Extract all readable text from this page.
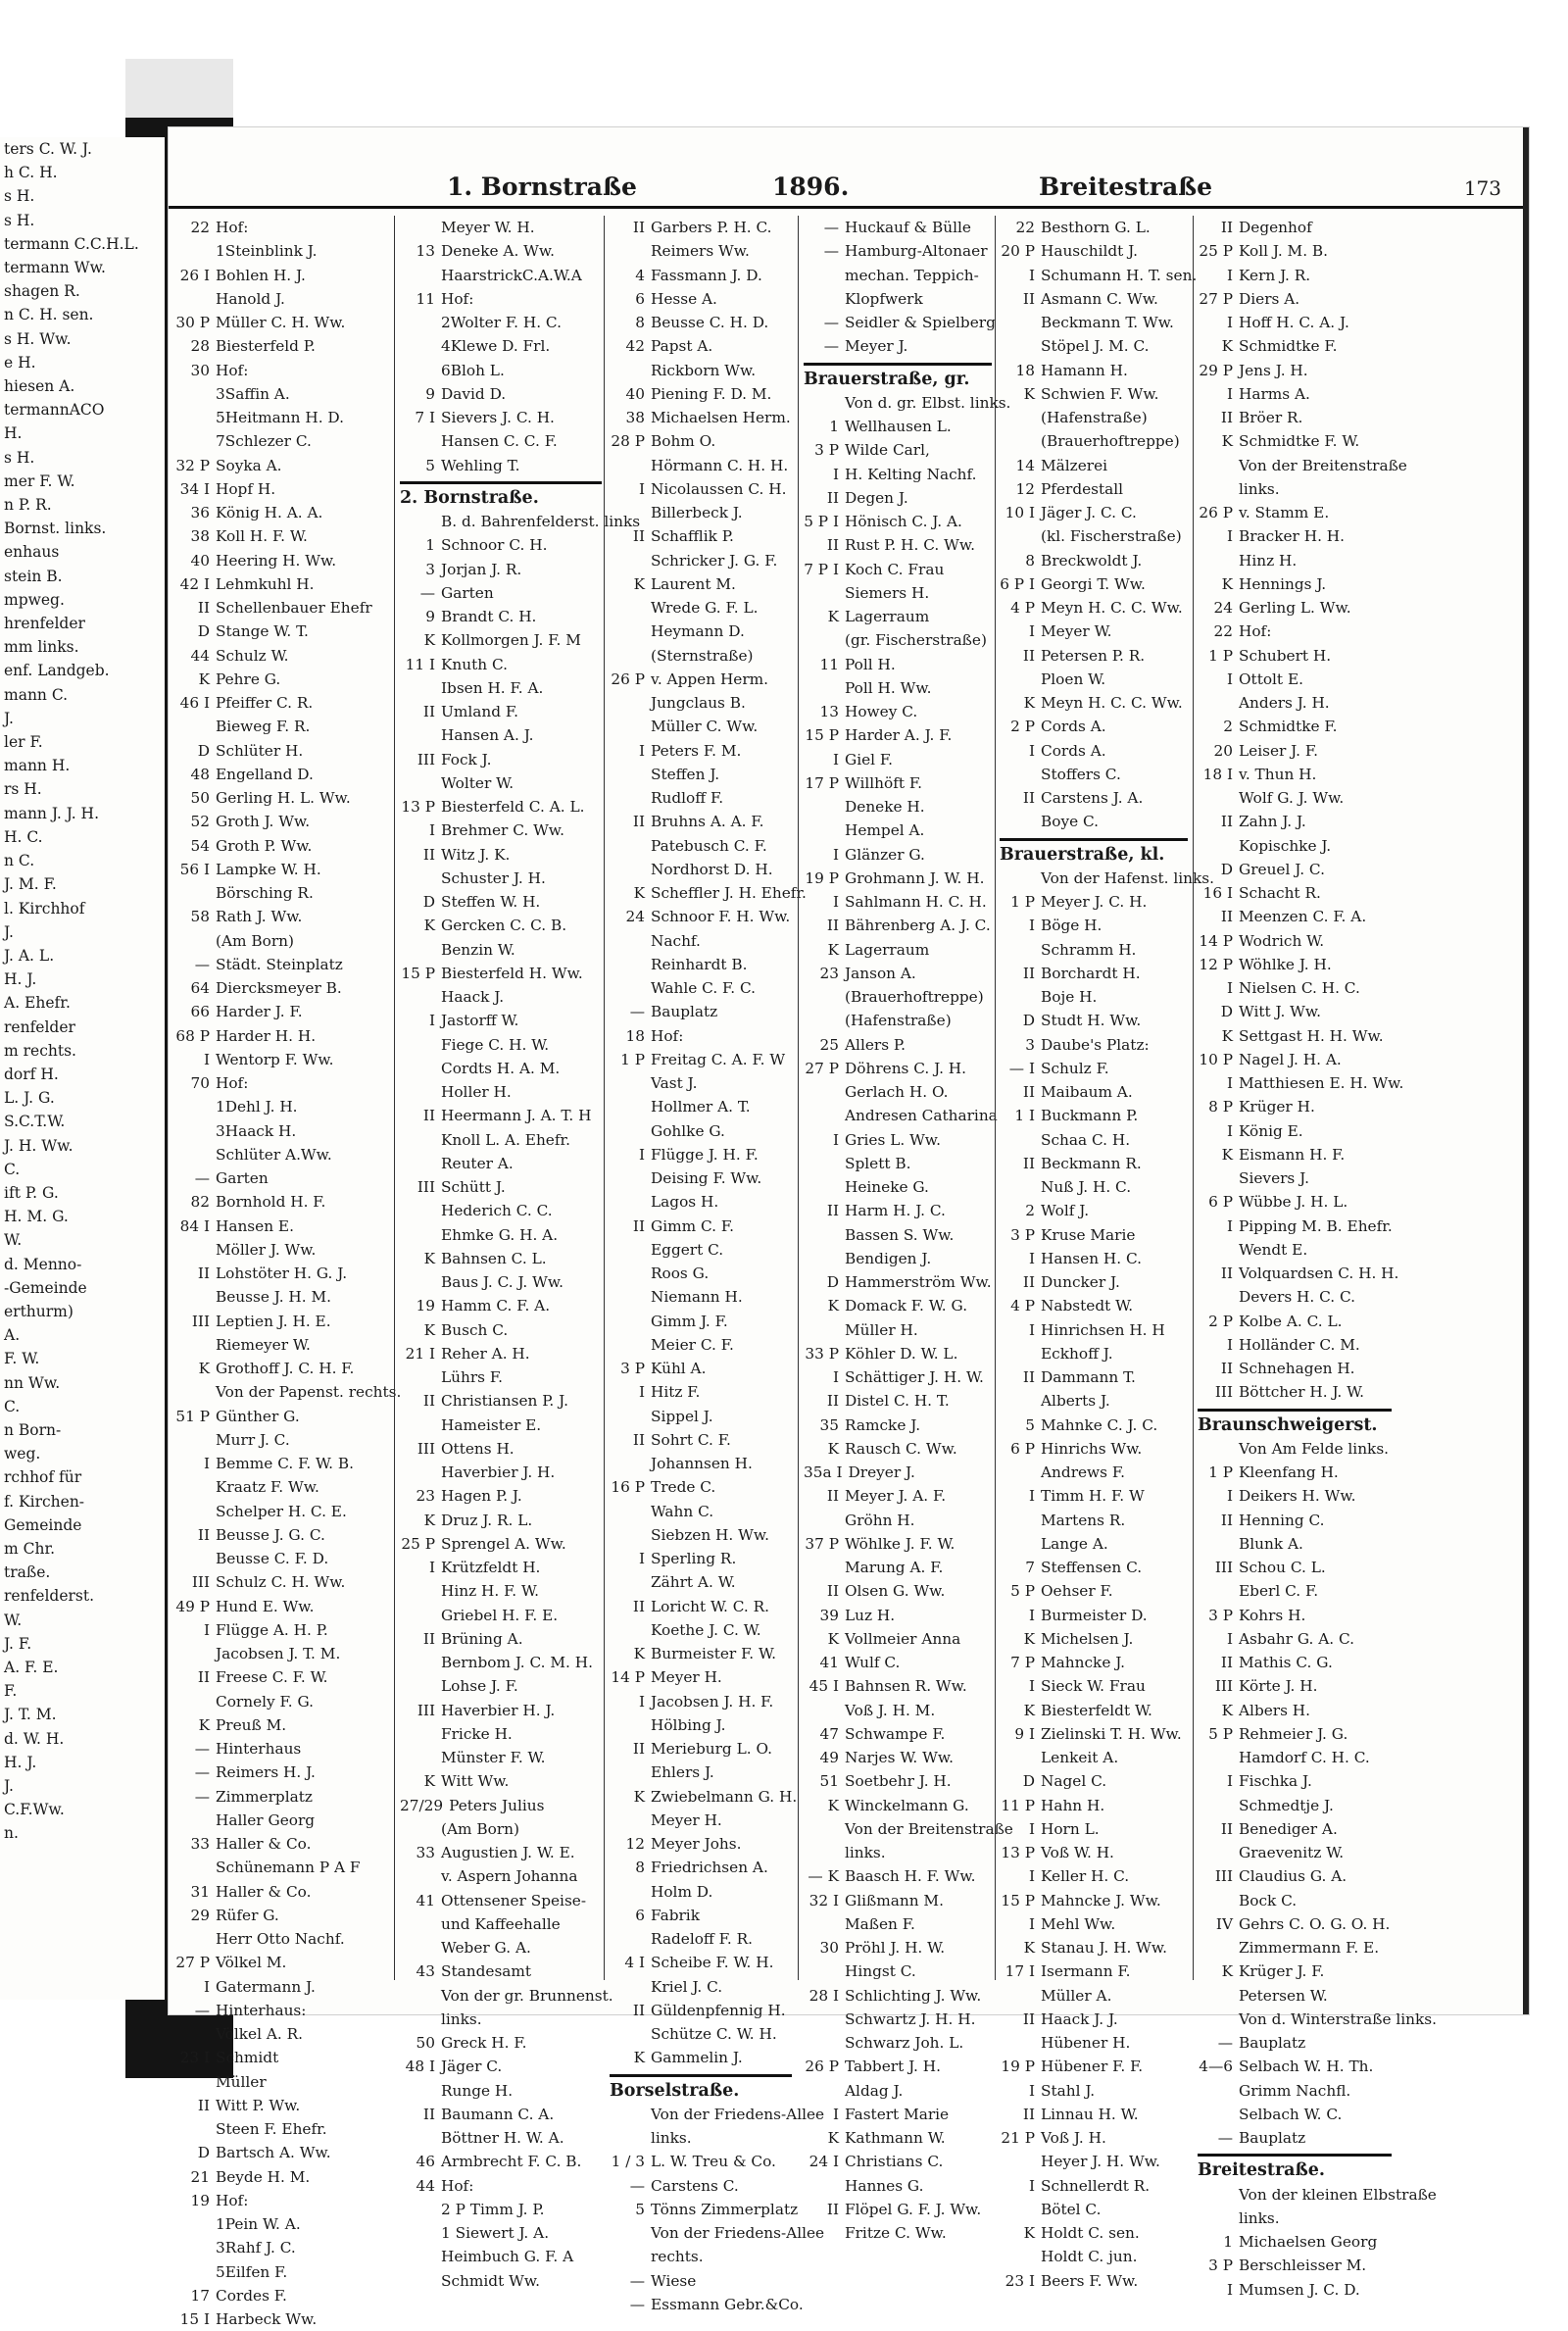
ters C. W. J.
h C. H.
s H.
s H.
termann C.C.H.L.
termann Ww.
shagen R.
n C. H. sen.
s H. Ww.
e H.
hiesen A.
termannACO
H.
s H.
mer F. W.
n P. R.
Bornst. links.
enhaus
stein B.
mpweg.
hrenfelder
mm links.
enf. Landgeb.
mann C.
J.
ler F.
mann H.
rs H.
mann J. J. H.
H. C.
n C.
J. M. F.
l. Kirchhof
J.
J. A. L.
H. J.
A. Ehefr.
renfelder
m rechts.
dorf H.
L. J. G.
S.C.T.W.
J. H. Ww.
C.
ift P. G.
H. M. G.
W.
d. Menno-
-Gemeinde
erthurm)
A.
F. W.
nn Ww.
C.
n Born-
weg.
rchhof für
f. Kirchen-
Gemeinde
m Chr.
traße.
renfelderst.
W.
J. F.
A. F. E.
F.
J. T. M.
d. W. H.
H. J.
J.
C.F.Ww.
n.
1. Bornstraße	1896.	Breitestraße	173
22 Hof:
1Steinblink J.
26 I Bohlen H. J.
Hanold J.
30 P Müller C. H. Ww.
28 Biesterfeld P.
30 Hof:
3Saffin A.
5Heitmann H. D.
7Schlezer C.
32 P Soyka A.
34 I Hopf H.
36 König H. A. A.
38 Koll H. F. W.
40 Heering H. Ww.
42 I Lehmkuhl H.
II Schellenbauer Ehefr
D Stange W. T.
44 Schulz W.
K Pehre G.
46 I Pfeiffer C. R.
Bieweg F. R.
D Schlüter H.
48 Engelland D.
50 Gerling H. L. Ww.
52 Groth J. Ww.
54 Groth P. Ww.
56 I Lampke W. H.
Börsching R.
58 Rath J. Ww.
(Am Born)
— Städt. Steinplatz
64 Diercksmeyer B.
66 Harder J. F.
68 P Harder H. H.
I Wentorp F. Ww.
70 Hof:
1Dehl J. H.
3Haack H.
Schlüter A.Ww.
— Garten
82 Bornhold H. F.
84 I Hansen E.
Möller J. Ww.
II Lohstöter H. G. J.
Beusse J. H. M.
III Leptien J. H. E.
Riemeyer W.
K Grothoff J. C. H. F.
Von der Papenst. rechts.
51 P Günther G.
Murr J. C.
I Bemme C. F. W. B.
Kraatz F. Ww.
Schelper H. C. E.
II Beusse J. G. C.
Beusse C. F. D.
III Schulz C. H. Ww.
49 P Hund E. Ww.
I Flügge A. H. P.
Jacobsen J. T. M.
II Freese C. F. W.
Cornely F. G.
K Preuß M.
— Hinterhaus
— Reimers H. J.
— Zimmerplatz
Haller Georg
33 Haller & Co.
Schünemann P A F
31 Haller & Co.
29 Rüfer G.
Herr Otto Nachf.
27 P Völkel M.
I Gatermann J.
— Hinterhaus:
Völkel A. R.
23 I Schmidt
Müller
II Witt P. Ww.
Steen F. Ehefr.
D Bartsch A. Ww.
21 Beyde H. M.
19 Hof:
1Pein W. A.
3Rahf J. C.
5Eilfen F.
17 Cordes F.
15 I Harbeck Ww.
Meyer W. H.
13 Deneke A. Ww.
HaarstrickC.A.W.A
11 Hof:
2Wolter F. H. C.
4Klewe D. Frl.
6Bloh L.
9 David D.
7 I Sievers J. C. H.
Hansen C. C. F.
5 Wehling T.
2. Bornstraße.
B. d. Bahrenfelderst. links
1 Schnoor C. H.
3 Jorjan J. R.
— Garten
9 Brandt C. H.
K Kollmorgen J. F. M
11 I Knuth C.
Ibsen H. F. A.
II Umland F.
Hansen A. J.
III Fock J.
Wolter W.
13 P Biesterfeld C. A. L.
I Brehmer C. Ww.
II Witz J. K.
Schuster J. H.
D Steffen W. H.
K Gercken C. C. B.
Benzin W.
15 P Biesterfeld H. Ww.
Haack J.
I Jastorff W.
Fiege C. H. W.
Cordts H. A. M.
Holler H.
II Heermann J. A. T. H
Knoll L. A. Ehefr.
Reuter A.
III Schütt J.
Hederich C. C.
Ehmke G. H. A.
K Bahnsen C. L.
Baus J. C. J. Ww.
19 Hamm C. F. A.
K Busch C.
21 I Reher A. H.
Lührs F.
II Christiansen P. J.
Hameister E.
III Ottens H.
Haverbier J. H.
23 Hagen P. J.
K Druz J. R. L.
25 P Sprengel A. Ww.
I Krützfeldt H.
Hinz H. F. W.
Griebel H. F. E.
II Brüning A.
Bernbom J. C. M. H.
Lohse J. F.
III Haverbier H. J.
Fricke H.
Münster F. W.
K Witt Ww.
27/29 Peters Julius
(Am Born)
33 Augustien J. W. E.
v. Aspern Johanna
41 Ottensener Speise-
und Kaffeehalle
Weber G. A.
43 Standesamt
Von der gr. Brunnenst.
links.
50 Greck H. F.
48 I Jäger C.
Runge H.
II Baumann C. A.
Böttner H. W. A.
46 Armbrecht F. C. B.
44 Hof:
2 P Timm J. P.
1 Siewert J. A.
Heimbuch G. F. A
Schmidt Ww.
II Garbers P. H. C.
Reimers Ww.
4 Fassmann J. D.
6 Hesse A.
8 Beusse C. H. D.
42 Papst A.
Rickborn Ww.
40 Piening F. D. M.
38 Michaelsen Herm.
28 P Bohm O.
Hörmann C. H. H.
I Nicolaussen C. H.
Billerbeck J.
II Schafflik P.
Schricker J. G. F.
K Laurent M.
Wrede G. F. L.
Heymann D.
(Sternstraße)
26 P v. Appen Herm.
Jungclaus B.
Müller C. Ww.
I Peters F. M.
Steffen J.
Rudloff F.
II Bruhns A. A. F.
Patebusch C. F.
Nordhorst D. H.
K Scheffler J. H. Ehefr.
24 Schnoor F. H. Ww.
Nachf.
Reinhardt B.
Wahle C. F. C.
— Bauplatz
18 Hof:
1 P Freitag C. A. F. W
Vast J.
Hollmer A. T.
Gohlke G.
I Flügge J. H. F.
Deising F. Ww.
Lagos H.
II Gimm C. F.
Eggert C.
Roos G.
Niemann H.
Gimm J. F.
Meier C. F.
3 P Kühl A.
I Hitz F.
Sippel J.
II Sohrt C. F.
Johannsen H.
16 P Trede C.
Wahn C.
Siebzen H. Ww.
I Sperling R.
Zährt A. W.
II Loricht W. C. R.
Koethe J. C. W.
K Burmeister F. W.
14 P Meyer H.
I Jacobsen J. H. F.
Hölbing J.
II Merieburg L. O.
Ehlers J.
K Zwiebelmann G. H.
Meyer H.
12 Meyer Johs.
8 Friedrichsen A.
Holm D.
6 Fabrik
Radeloff F. R.
4 I Scheibe F. W. H.
Kriel J. C.
II Güldenpfennig H.
Schütze C. W. H.
K Gammelin J.
Borselstraße.
Von der Friedens-Allee
links.
1 / 3 L. W. Treu & Co.
— Carstens C.
5 Tönns Zimmerplatz
Von der Friedens-Allee
rechts.
— Wiese
— Essmann Gebr.&Co.
— Huckauf & Bülle
— Hamburg-Altonaer
mechan. Teppich-
Klopfwerk
— Seidler & Spielberg
— Meyer J.
Brauerstraße, gr.
Von d. gr. Elbst. links.
1 Wellhausen L.
3 P Wilde Carl,
I H. Kelting Nachf.
II Degen J.
5 P I Hönisch C. J. A.
II Rust P. H. C. Ww.
7 P I Koch C. Frau
Siemers H.
K Lagerraum
(gr. Fischerstraße)
11 Poll H.
Poll H. Ww.
13 Howey C.
15 P Harder A. J. F.
I Giel F.
17 P Willhöft F.
Deneke H.
Hempel A.
I Glänzer G.
19 P Grohmann J. W. H.
I Sahlmann H. C. H.
II Bährenberg A. J. C.
K Lagerraum
23 Janson A.
(Brauerhoftreppe)
(Hafenstraße)
25 Allers P.
27 P Döhrens C. J. H.
Gerlach H. O.
Andresen Catharina
I Gries L. Ww.
Splett B.
Heineke G.
II Harm H. J. C.
Bassen S. Ww.
Bendigen J.
D Hammerström Ww.
K Domack F. W. G.
Müller H.
33 P Köhler D. W. L.
I Schättiger J. H. W.
II Distel C. H. T.
35 Ramcke J.
K Rausch C. Ww.
35a I Dreyer J.
II Meyer J. A. F.
Gröhn H.
37 P Wöhlke J. F. W.
Marung A. F.
II Olsen G. Ww.
39 Luz H.
K Vollmeier Anna
41 Wulf C.
45 I Bahnsen R. Ww.
Voß J. H. M.
47 Schwampe F.
49 Narjes W. Ww.
51 Soetbehr J. H.
K Winckelmann G.
Von der Breitenstraße
links.
— K Baasch H. F. Ww.
32 I Glißmann M.
Maßen F.
30 Pröhl J. H. W.
Hingst C.
28 I Schlichting J. Ww.
Schwartz J. H. H.
Schwarz Joh. L.
26 P Tabbert J. H.
Aldag J.
I Fastert Marie
K Kathmann W.
24 I Christians C.
Hannes G.
II Flöpel G. F. J. Ww.
Fritze C. Ww.
22 Besthorn G. L.
20 P Hauschildt J.
I Schumann H. T. sen.
II Asmann C. Ww.
Beckmann T. Ww.
Stöpel J. M. C.
18 Hamann H.
K Schwien F. Ww.
(Hafenstraße)
(Brauerhoftreppe)
14 Mälzerei
12 Pferdestall
10 I Jäger J. C. C.
(kl. Fischerstraße)
8 Breckwoldt J.
6 P I Georgi T. Ww.
4 P Meyn H. C. C. Ww.
I Meyer W.
II Petersen P. R.
Ploen W.
K Meyn H. C. C. Ww.
2 P Cords A.
I Cords A.
Stoffers C.
II Carstens J. A.
Boye C.
Brauerstraße, kl.
Von der Hafenst. links.
1 P Meyer J. C. H.
I Böge H.
Schramm H.
II Borchardt H.
Boje H.
D Studt H. Ww.
3 Daube's Platz:
— I Schulz F.
II Maibaum A.
1 I Buckmann P.
Schaa C. H.
II Beckmann R.
Nuß J. H. C.
2 Wolf J.
3 P Kruse Marie
I Hansen H. C.
II Duncker J.
4 P Nabstedt W.
I Hinrichsen H. H
Eckhoff J.
II Dammann T.
Alberts J.
5 Mahnke C. J. C.
6 P Hinrichs Ww.
Andrews F.
I Timm H. F. W
Martens R.
Lange A.
7 Steffensen C.
5 P Oehser F.
I Burmeister D.
K Michelsen J.
7 P Mahncke J.
I Sieck W. Frau
K Biesterfeldt W.
9 I Zielinski T. H. Ww.
Lenkeit A.
D Nagel C.
11 P Hahn H.
I Horn L.
13 P Voß W. H.
I Keller H. C.
15 P Mahncke J. Ww.
I Mehl Ww.
K Stanau J. H. Ww.
17 I Isermann F.
Müller A.
II Haack J. J.
Hübener H.
19 P Hübener F. F.
I Stahl J.
II Linnau H. W.
21 P Voß J. H.
Heyer J. H. Ww.
I Schnellerdt R.
Bötel C.
K Holdt C. sen.
Holdt C. jun.
23 I Beers F. Ww.
II Degenhof
25 P Koll J. M. B.
I Kern J. R.
27 P Diers A.
I Hoff H. C. A. J.
K Schmidtke F.
29 P Jens J. H.
I Harms A.
II Bröer R.
K Schmidtke F. W.
Von der Breitenstraße
links.
26 P v. Stamm E.
I Bracker H. H.
Hinz H.
K Hennings J.
24 Gerling L. Ww.
22 Hof:
1 P Schubert H.
I Ottolt E.
Anders J. H.
2 Schmidtke F.
20 Leiser J. F.
18 I v. Thun H.
Wolf G. J. Ww.
II Zahn J. J.
Kopischke J.
D Greuel J. C.
16 I Schacht R.
II Meenzen C. F. A.
14 P Wodrich W.
12 P Wöhlke J. H.
I Nielsen C. H. C.
D Witt J. Ww.
K Settgast H. H. Ww.
10 P Nagel J. H. A.
I Matthiesen E. H. Ww.
8 P Krüger H.
I König E.
K Eismann H. F.
Sievers J.
6 P Wübbe J. H. L.
I Pipping M. B. Ehefr.
Wendt E.
II Volquardsen C. H. H.
Devers H. C. C.
2 P Kolbe A. C. L.
I Holländer C. M.
II Schnehagen H.
III Böttcher H. J. W.
Braunschweigerst.
Von Am Felde links.
1 P Kleenfang H.
I Deikers H. Ww.
II Henning C.
Blunk A.
III Schou C. L.
Eberl C. F.
3 P Kohrs H.
I Asbahr G. A. C.
II Mathis C. G.
III Körte J. H.
K Albers H.
5 P Rehmeier J. G.
Hamdorf C. H. C.
I Fischka J.
Schmedtje J.
II Benediger A.
Graevenitz W.
III Claudius G. A.
Bock C.
IV Gehrs C. O. G. O. H.
Zimmermann F. E.
K Krüger J. F.
Petersen W.
Von d. Winterstraße links.
— Bauplatz
4—6 Selbach W. H. Th.
Grimm Nachfl.
Selbach W. C.
— Bauplatz
Breitestraße.
Von der kleinen Elbstraße
links.
1 Michaelsen Georg
3 P Berschleisser M.
I Mumsen J. C. D.
